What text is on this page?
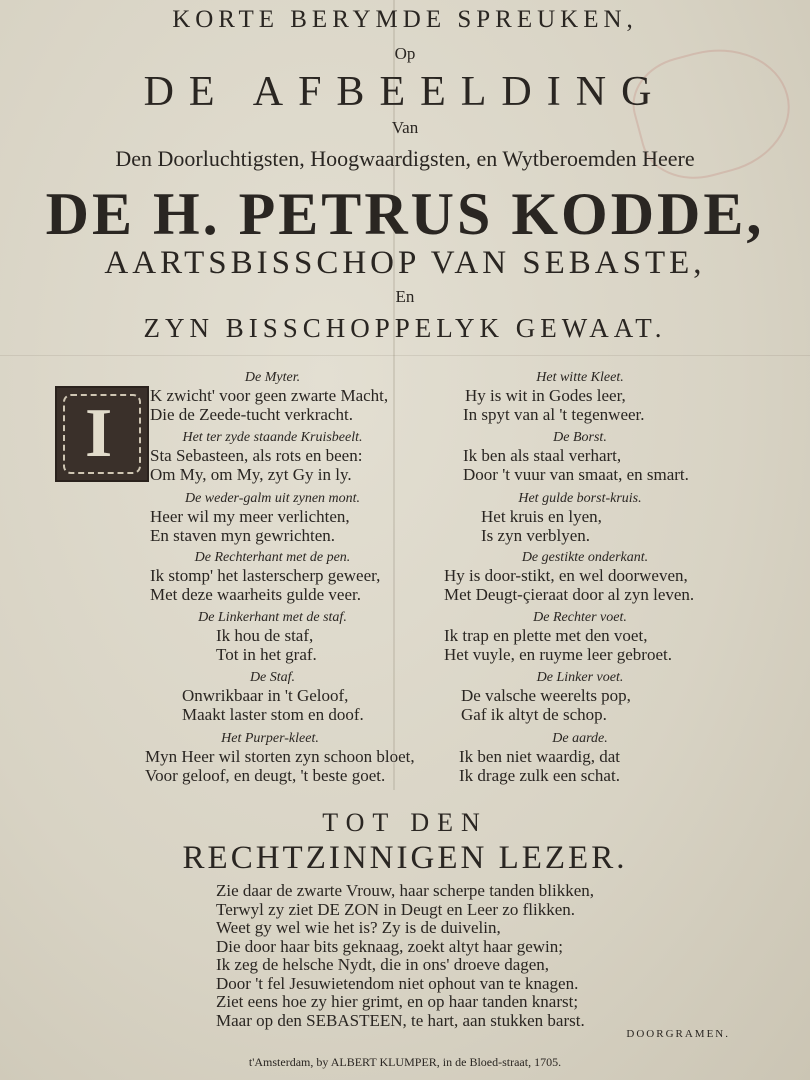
KORTE BERYMDE SPREUKEN,
Op
DE AFBEELDING
Van
Den Doorluchtigsten, Hoogwaardigsten, en Wytberoemden Heere
DE H. PETRUS KODDE,
AARTSBISSCHOP VAN SEBASTE,
En
ZYN BISSCHOPPELYK GEWAAT.
I
De Myter.
K zwicht' voor geen zwarte Macht,
Die de Zeede-tucht verkracht.
Het ter zyde staande Kruisbeelt.
Sta Sebasteen, als rots en been:
Om My, om My, zyt Gy in ly.
De weder-galm uit zynen mont.
Heer wil my meer verlichten,
En staven myn gewrichten.
De Rechterhant met de pen.
Ik stomp' het lasterscherp geweer,
Met deze waarheits gulde veer.
De Linkerhant met de staf.
Ik hou de staf,
Tot in het graf.
De Staf.
Onwrikbaar in 't Geloof,
Maakt laster stom en doof.
Het Purper-kleet.
Myn Heer wil storten zyn schoon bloet,
Voor geloof, en deugt, 't beste goet.
Het witte Kleet.
Hy is wit in Godes leer,
In spyt van al 't tegenweer.
De Borst.
Ik ben als staal verhart,
Door 't vuur van smaat, en smart.
Het gulde borst-kruis.
Het kruis en lyen,
Is zyn verblyen.
De gestikte onderkant.
Hy is door-stikt, en wel doorweven,
Met Deugt-çieraat door al zyn leven.
De Rechter voet.
Ik trap en plette met den voet,
Het vuyle, en ruyme leer gebroet.
De Linker voet.
De valsche weerelts pop,
Gaf ik altyt de schop.
De aarde.
Ik ben niet waardig, dat
Ik drage zulk een schat.
TOT DEN
RECHTZINNIGEN LEZER.
Zie daar de zwarte Vrouw, haar scherpe tanden blikken,
Terwyl zy ziet DE ZON in Deugt en Leer zo flikken.
Weet gy wel wie het is? Zy is de duivelin,
Die door haar bits geknaag, zoekt altyt haar gewin;
Ik zeg de helsche Nydt, die in ons' droeve dagen,
Door 't fel Jesuwietendom niet ophout van te knagen.
Ziet eens hoe zy hier grimt, en op haar tanden knarst;
Maar op den SEBASTEEN, te hart, aan stukken barst.
DOORGRAMEN.
t'Amsterdam, by ALBERT KLUMPER, in de Bloed-straat, 1705.
